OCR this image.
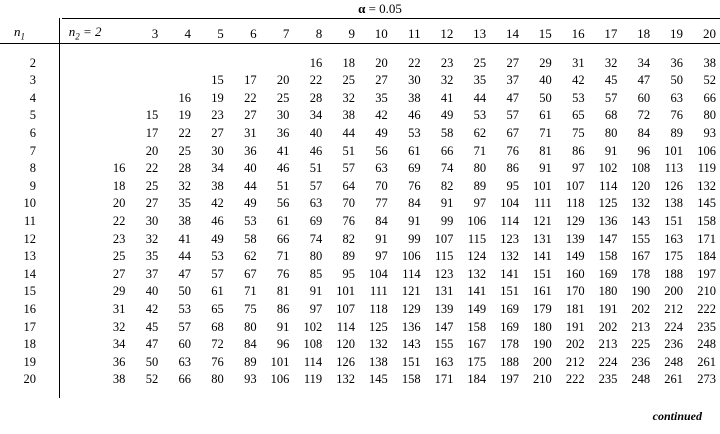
α = 0.05
$n_1$	$n_2 = 2$	3	4	5	6	7	8	9	10	11	12	13	14	15	16	17	18	19	20
2							16	18	20	22	23	25	27	29	31	32	34	36	38
3				15	17	20	22	25	27	30	32	35	37	40	42	45	47	50	52
4			16	19	22	25	28	32	35	38	41	44	47	50	53	57	60	63	66
5		15	19	23	27	30	34	38	42	46	49	53	57	61	65	68	72	76	80
6		17	22	27	31	36	40	44	49	53	58	62	67	71	75	80	84	89	93
7		20	25	30	36	41	46	51	56	61	66	71	76	81	86	91	96	101	106
8	16	22	28	34	40	46	51	57	63	69	74	80	86	91	97	102	108	113	119
9	18	25	32	38	44	51	57	64	70	76	82	89	95	101	107	114	120	126	132
10	20	27	35	42	49	56	63	70	77	84	91	97	104	111	118	125	132	138	145
11	22	30	38	46	53	61	69	76	84	91	99	106	114	121	129	136	143	151	158
12	23	32	41	49	58	66	74	82	91	99	107	115	123	131	139	147	155	163	171
13	25	35	44	53	62	71	80	89	97	106	115	124	132	141	149	158	167	175	184
14	27	37	47	57	67	76	85	95	104	114	123	132	141	151	160	169	178	188	197
15	29	40	50	61	71	81	91	101	111	121	131	141	151	161	170	180	190	200	210
16	31	42	53	65	75	86	97	107	118	129	139	149	169	179	181	191	202	212	222
17	32	45	57	68	80	91	102	114	125	136	147	158	169	180	191	202	213	224	235
18	34	47	60	72	84	96	108	120	132	143	155	167	178	190	202	213	225	236	248
19	36	50	63	76	89	101	114	126	138	151	163	175	188	200	212	224	236	248	261
20	38	52	66	80	93	106	119	132	145	158	171	184	197	210	222	235	248	261	273
continued
